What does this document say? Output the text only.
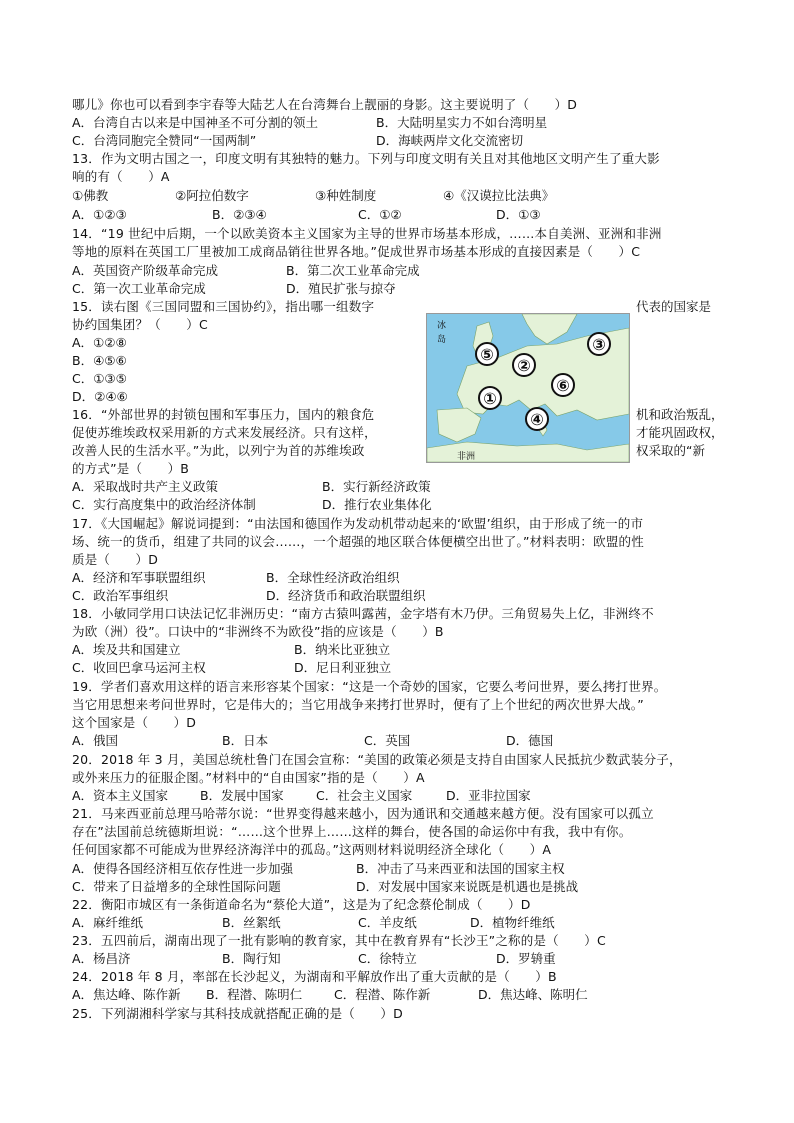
哪儿》你也可以看到李宇春等大陆艺人在台湾舞台上靓丽的身影。这主要说明了（　　）D
A．台湾自古以来是中国神圣不可分割的领土	B．大陆明星实力不如台湾明星
C．台湾同胞完全赞同“一国两制”	D．海峡两岸文化交流密切
13．作为文明古国之一，印度文明有其独特的魅力。下列与印度文明有关且对其他地区文明产生了重大影
响的有（　　）A
①佛教	②阿拉伯数字	③种姓制度	④《汉谟拉比法典》
A．①②③	B．②③④	C．①②	D．①③
14．“19 世纪中后期，一个以欧美资本主义国家为主导的世界市场基本形成，……本自美洲、亚洲和非洲
等地的原料在英国工厂里被加工成商品销往世界各地。”促成世界市场基本形成的直接因素是（　　）C
A．英国资产阶级革命完成	B．第二次工业革命完成
C．第一次工业革命完成	D．殖民扩张与掠夺
15．读右图《三国同盟和三国协约》，指出哪一组数字	代表的国家是
协约国集团？（　　）C
A．①②⑧
B．④⑤⑥
C．①③⑤
D．②④⑥
冰
岛
非洲
①
②
③
④
⑤
⑥
16．“外部世界的封锁包围和军事压力，国内的粮食危	机和政治叛乱，
促使苏维埃政权采用新的方式来发展经济。只有这样，	才能巩固政权，
改善人民的生活水平。”为此，以列宁为首的苏维埃政	权采取的“新
的方式”是（　　）B
A．采取战时共产主义政策	B．实行新经济政策
C．实行高度集中的政治经济体制	D．推行农业集体化
17．《大国崛起》解说词提到：“由法国和德国作为发动机带动起来的‘欧盟’组织，由于形成了统一的市
场、统一的货币，组建了共同的议会……，一个超强的地区联合体便横空出世了。”材料表明：欧盟的性
质是（　　）D
A．经济和军事联盟组织	B．全球性经济政治组织
C．政治军事组织	D．经济货币和政治联盟组织
18．小敏同学用口诀法记忆非洲历史：“南方古猿叫露茜，金字塔有木乃伊。三角贸易失上亿，非洲终不
为欧（洲）役”。口诀中的“非洲终不为欧役”指的应该是（　　）B
A．埃及共和国建立	B．纳米比亚独立
C．收回巴拿马运河主权	D．尼日利亚独立
19．学者们喜欢用这样的语言来形容某个国家：“这是一个奇妙的国家，它要么考问世界，要么拷打世界。
当它用思想来考问世界时，它是伟大的；当它用战争来拷打世界时，便有了上个世纪的两次世界大战。”
这个国家是（　　）D
A．俄国	B．日本	C．英国	D．德国
20．2018 年 3 月，美国总统杜鲁门在国会宣称：“美国的政策必须是支持自由国家人民抵抗少数武装分子，
或外来压力的征服企图。”材料中的“自由国家”指的是（　　）A
A．资本主义国家	B．发展中国家	C．社会主义国家	D．亚非拉国家
21．马来西亚前总理马哈蒂尔说：“世界变得越来越小，因为通讯和交通越来越方便。没有国家可以孤立
存在”法国前总统德斯坦说：“……这个世界上……这样的舞台，使各国的命运你中有我，我中有你。
任何国家都不可能成为世界经济海洋中的孤岛。”这两则材料说明经济全球化（　　）A
A．使得各国经济相互依存性进一步加强	B．冲击了马来西亚和法国的国家主权
C．带来了日益增多的全球性国际问题	D．对发展中国家来说既是机遇也是挑战
22．衡阳市城区有一条街道命名为“蔡伦大道”，这是为了纪念蔡伦制成（　　）D
A．麻纤维纸	B．丝絮纸	C．羊皮纸	D．植物纤维纸
23．五四前后，湖南出现了一批有影响的教育家，其中在教育界有“长沙王”之称的是（　　）C
A．杨昌济	B．陶行知	C．徐特立	D．罗辀重
24．2018 年 8 月，率部在长沙起义，为湖南和平解放作出了重大贡献的是（　　）B
A．焦达峰、陈作新 B．程潜、陈明仁	C．程潜、陈作新	D．焦达峰、陈明仁
25．下列湖湘科学家与其科技成就搭配正确的是（　　）D
